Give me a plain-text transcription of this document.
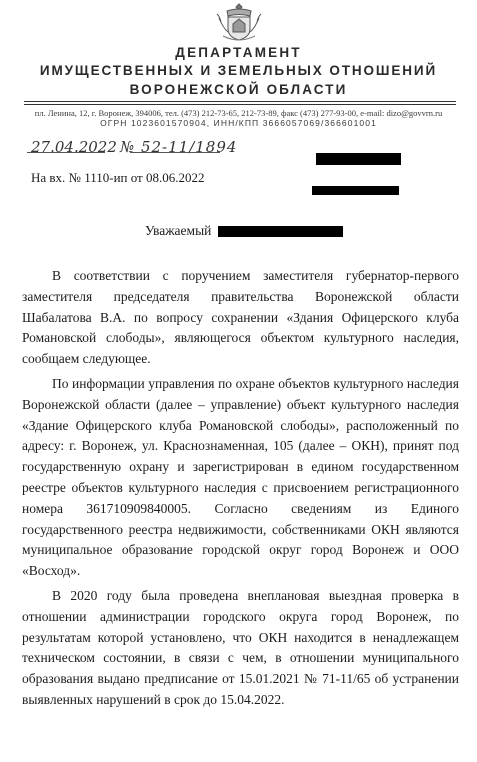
ДЕПАРТАМЕНТ
ИМУЩЕСТВЕННЫХ И ЗЕМЕЛЬНЫХ ОТНОШЕНИЙ
ВОРОНЕЖСКОЙ ОБЛАСТИ
пл. Ленина, 12, г. Воронеж, 394006, тел. (473) 212-73-65, 212-73-89, факс (473) 277-93-00, e-mail: dizo@govvrn.ru
ОГРН 1023601570904, ИНН/КПП 3666057069/366601001
27.04.2022 № 52-11/1894
На вх. № 1110-ип от 08.06.2022
Уважаемый

В соответствии с поручением заместителя губернатор-первого заместителя председателя правительства Воронежской области Шабалатова В.А. по вопросу сохранении «Здания Офицерского клуба Романовской слободы», являющегося объектом культурного наследия, сообщаем следующее.

По информации управления по охране объектов культурного наследия Воронежской области (далее – управление) объект культурного наследия «Здание Офицерского клуба Романовской слободы», расположенный по адресу: г. Воронеж, ул. Краснознаменная, 105 (далее – ОКН), принят под государственную охрану и зарегистрирован в едином государственном реестре объектов культурного наследия с присвоением регистрационного номера 361710909840005. Согласно сведениям из Единого государственного реестра недвижимости, собственниками ОКН являются муниципальное образование городской округ город Воронеж и ООО «Восход».

В 2020 году была проведена внеплановая выездная проверка в отношении администрации городского округа город Воронеж, по результатам которой установлено, что ОКН находится в ненадлежащем техническом состоянии, в связи с чем, в отношении муниципального образования выдано предписание от 15.01.2021 № 71-11/65 об устранении выявленных нарушений в срок до 15.04.2022.
